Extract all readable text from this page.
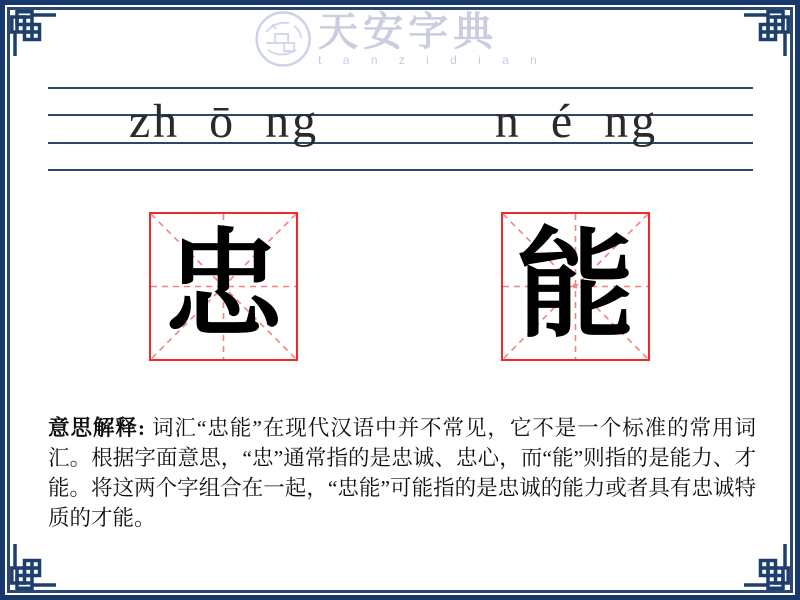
天安字典
t a n z i d i a n
zh ō ng	n é ng
忠 能
意思解释: 词汇“忠能”在现代汉语中并不常见，它不是一个标准的常用词汇。根据字面意思，“忠”通常指的是忠诚、忠心，而“能”则指的是能力、才能。将这两个字组合在一起，“忠能”可能指的是忠诚的能力或者具有忠诚特质的才能。
